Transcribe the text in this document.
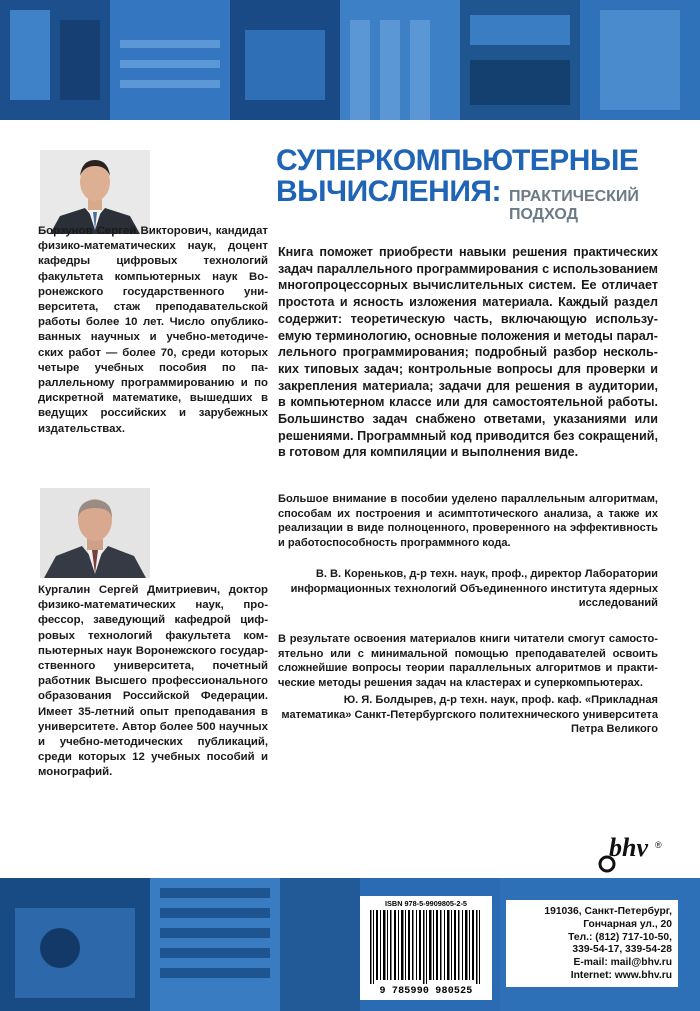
Борзунов Сергей Викторович, кандидат физико-математических наук, доцент кафедры цифровых технологий факультета компьютерных наук Воронежского государственного университета, стаж преподавательской работы более 10 лет. Число опубликованных научных и учебно-методических работ — более 70, среди которых четыре учебных пособия по параллельному программированию и по дискретной математике, вышедших в ведущих российских и зарубежных издательствах.
Кургалин Сергей Дмитриевич, доктор физико-математических наук, профессор, заведующий кафедрой цифровых технологий факультета компьютерных наук Воронежского государственного университета, почетный работник Высшего профессионального образования Российской Федерации. Имеет 35-летний опыт преподавания в университете. Автор более 500 научных и учебно-методических публикаций, среди которых 12 учебных пособий и монографий.
СУПЕРКОМПЬЮТЕРНЫЕ
ВЫЧИСЛЕНИЯ: ПРАКТИЧЕСКИЙ
ПОДХОД
Книга поможет приобрести навыки решения практических задач параллельного программирования с использованием многопроцессорных вычислительных систем. Ее отличает простота и ясность изложения материала. Каждый раздел содержит: теоретическую часть, включающую используемую терминологию, основные положения и методы параллельного программирования; подробный разбор нескольких типовых задач; контрольные вопросы для проверки и закрепления материала; задачи для решения в аудитории, в компьютерном классе или для самостоятельной работы. Большинство задач снабжено ответами, указаниями или решениями. Программный код приводится без сокращений, в готовом для компиляции и выполнения виде.
Большое внимание в пособии уделено параллельным алгоритмам, способам их построения и асимптотического анализа, а также их реализации в виде полноценного, проверенного на эффективность и работоспособность программного кода.
В. В. Кореньков, д-р техн. наук, проф., директор Лаборатории информационных технологий Объединенного института ядерных исследований
В результате освоения материалов книги читатели смогут самостоятельно или с минимальной помощью преподавателей освоить сложнейшие вопросы теории параллельных алгоритмов и практические методы решения задач на кластерах и суперкомпьютерах.
Ю. Я. Болдырев, д-р техн. наук, проф. каф. «Прикладная математика» Санкт-Петербургского политехнического университета Петра Великого
bhv ®
ISBN 978-5-9909805-2-5
9 785990 980525
191036, Санкт-Петербург,
Гончарная ул., 20
Тел.: (812) 717-10-50,
339-54-17, 339-54-28
E-mail: mail@bhv.ru
Internet: www.bhv.ru
